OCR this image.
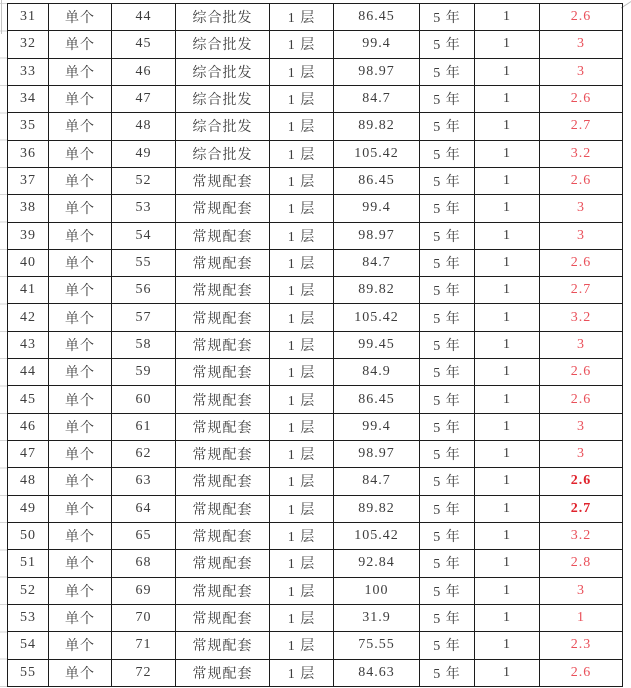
31	单个	44	综合批发	1 层	86.45	5 年	1	2.6
32	单个	45	综合批发	1 层	99.4	5 年	1	3
33	单个	46	综合批发	1 层	98.97	5 年	1	3
34	单个	47	综合批发	1 层	84.7	5 年	1	2.6
35	单个	48	综合批发	1 层	89.82	5 年	1	2.7
36	单个	49	综合批发	1 层	105.42	5 年	1	3.2
37	单个	52	常规配套	1 层	86.45	5 年	1	2.6
38	单个	53	常规配套	1 层	99.4	5 年	1	3
39	单个	54	常规配套	1 层	98.97	5 年	1	3
40	单个	55	常规配套	1 层	84.7	5 年	1	2.6
41	单个	56	常规配套	1 层	89.82	5 年	1	2.7
42	单个	57	常规配套	1 层	105.42	5 年	1	3.2
43	单个	58	常规配套	1 层	99.45	5 年	1	3
44	单个	59	常规配套	1 层	84.9	5 年	1	2.6
45	单个	60	常规配套	1 层	86.45	5 年	1	2.6
46	单个	61	常规配套	1 层	99.4	5 年	1	3
47	单个	62	常规配套	1 层	98.97	5 年	1	3
48	单个	63	常规配套	1 层	84.7	5 年	1	2.6
49	单个	64	常规配套	1 层	89.82	5 年	1	2.7
50	单个	65	常规配套	1 层	105.42	5 年	1	3.2
51	单个	68	常规配套	1 层	92.84	5 年	1	2.8
52	单个	69	常规配套	1 层	100	5 年	1	3
53	单个	70	常规配套	1 层	31.9	5 年	1	1
54	单个	71	常规配套	1 层	75.55	5 年	1	2.3
55	单个	72	常规配套	1 层	84.63	5 年	1	2.6
